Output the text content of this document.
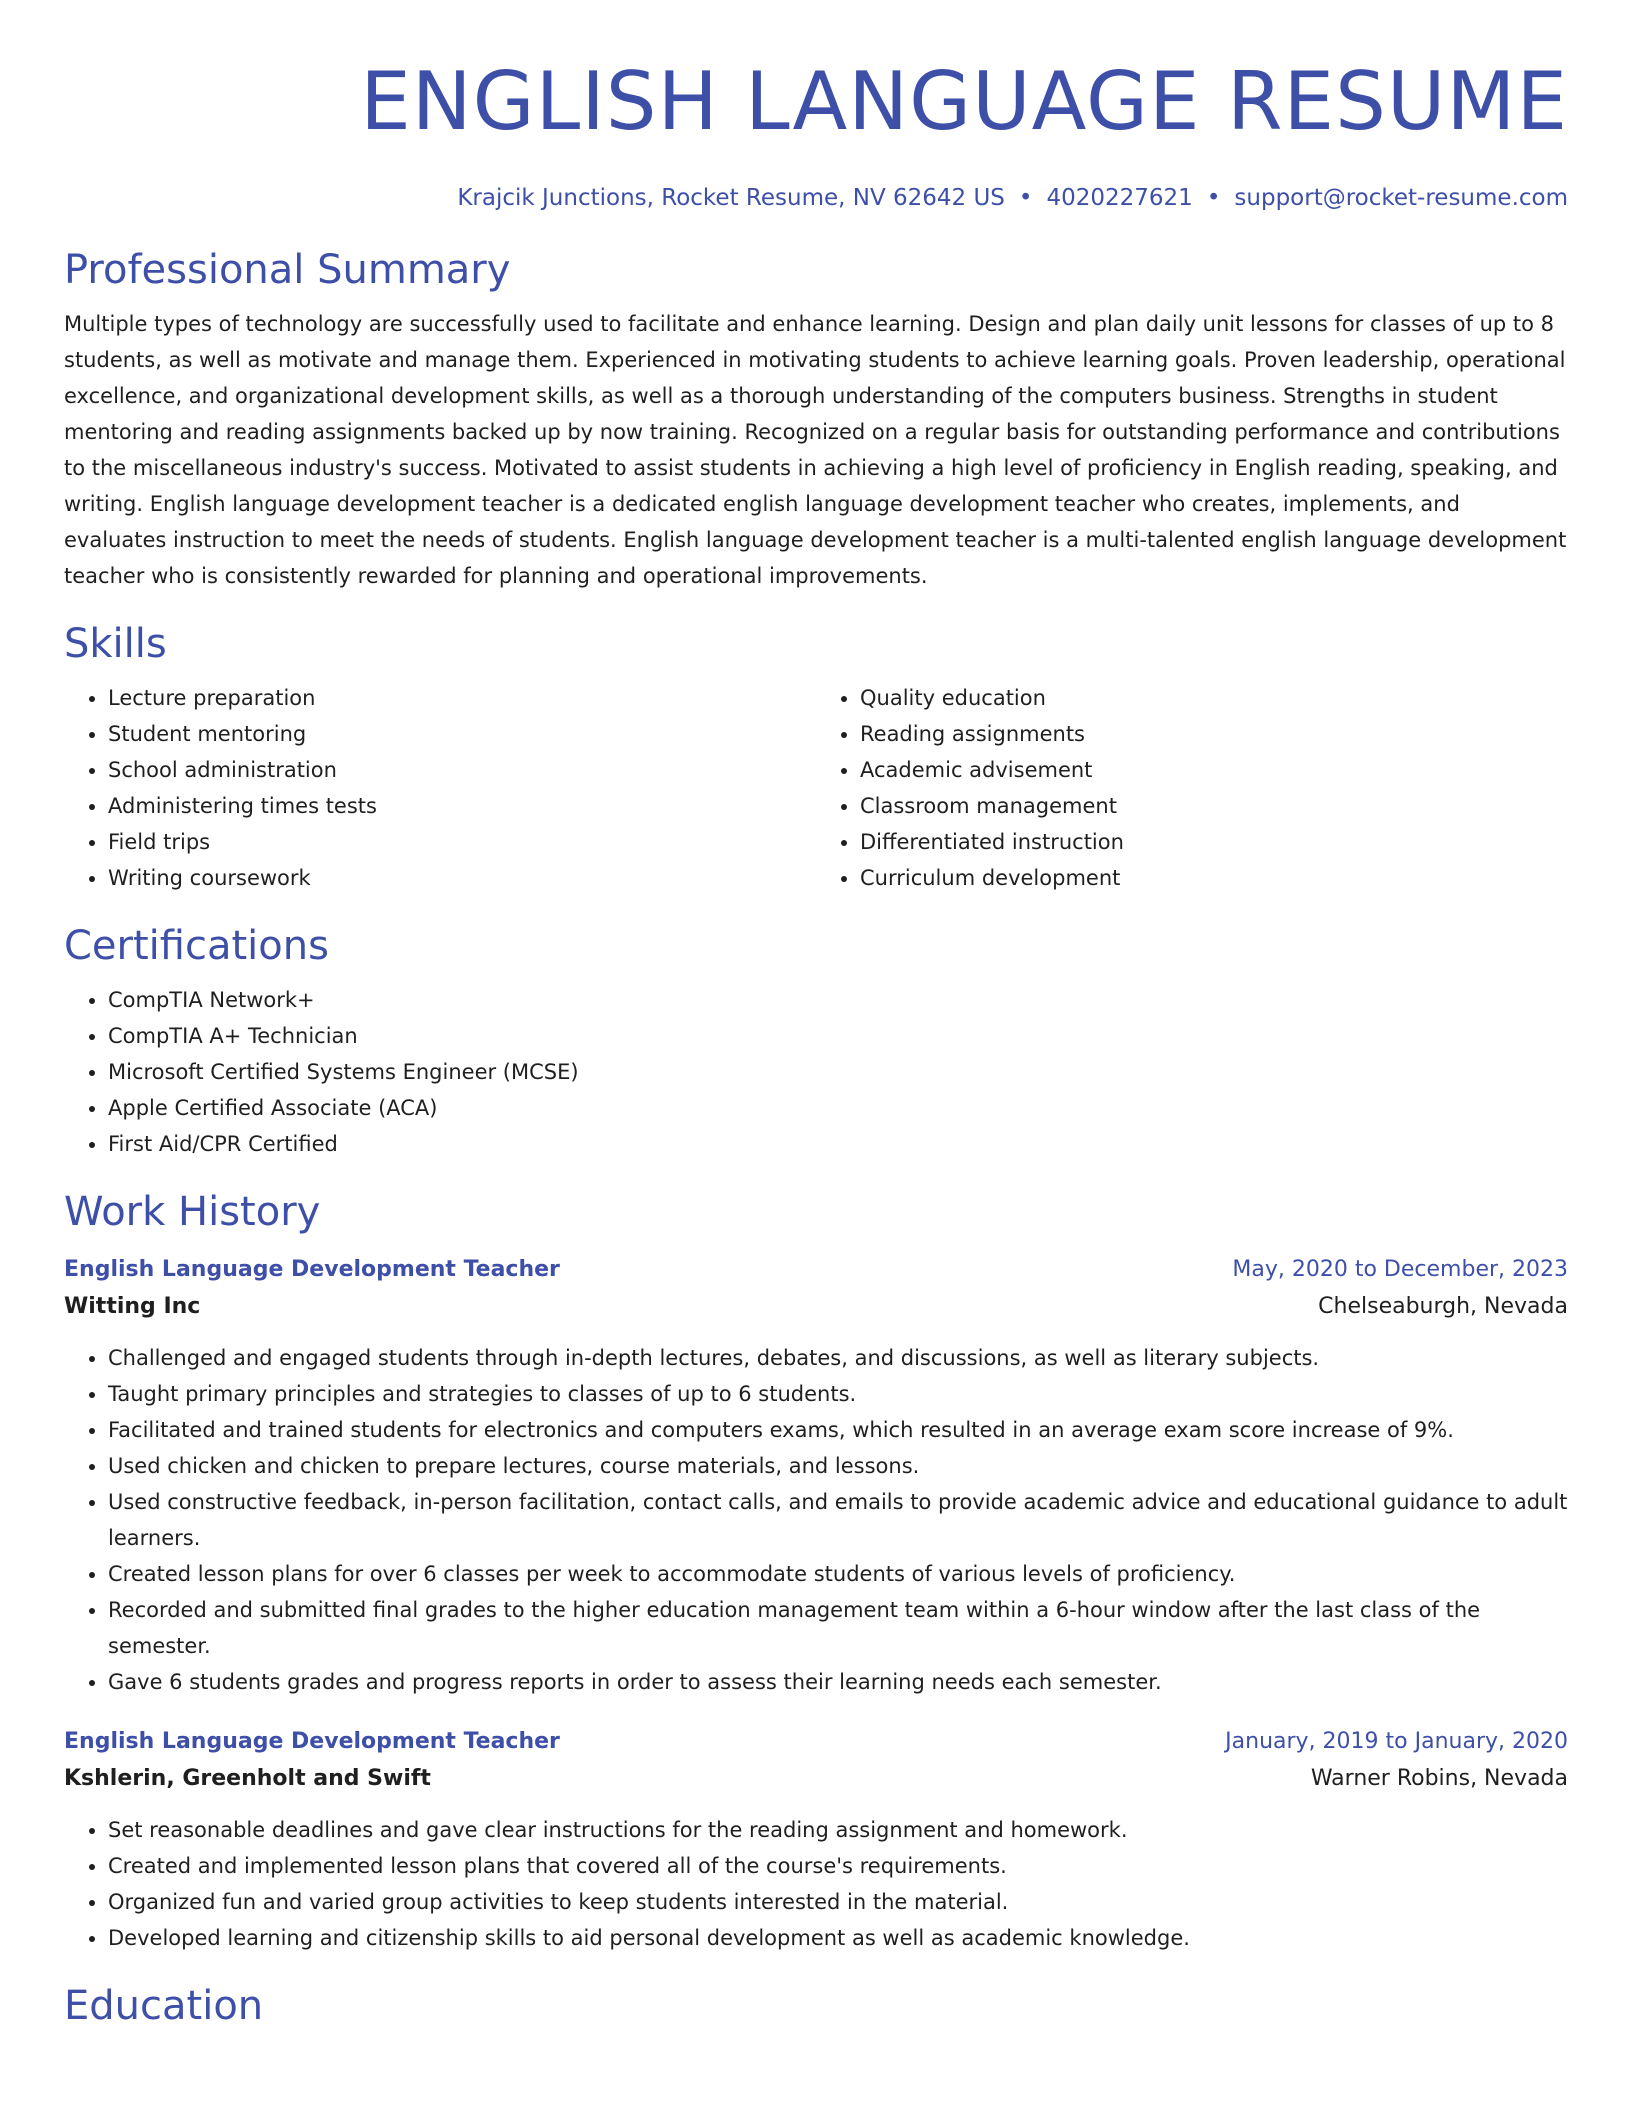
ENGLISH LANGUAGE RESUME
Krajcik Junctions, Rocket Resume, NV 62642 US • 4020227621 • support@rocket-resume.com
Professional Summary

Multiple types of technology are successfully used to facilitate and enhance learning. Design and plan daily unit lessons for classes of up to 8 students, as well as motivate and manage them. Experienced in motivating students to achieve learning goals. Proven leadership, operational excellence, and organizational development skills, as well as a thorough understanding of the computers business. Strengths in student mentoring and reading assignments backed up by now training. Recognized on a regular basis for outstanding performance and contributions to the miscellaneous industry's success. Motivated to assist students in achieving a high level of proficiency in English reading, speaking, and writing. English language development teacher is a dedicated english language development teacher who creates, implements, and evaluates instruction to meet the needs of students. English language development teacher is a multi-talented english language development teacher who is consistently rewarded for planning and operational improvements.

Skills
• Lecture preparation
• Student mentoring
• School administration
• Administering times tests
• Field trips
• Writing coursework
• Quality education
• Reading assignments
• Academic advisement
• Classroom management
• Differentiated instruction
• Curriculum development
Certifications
• CompTIA Network+
• CompTIA A+ Technician
• Microsoft Certified Systems Engineer (MCSE)
• Apple Certified Associate (ACA)
• First Aid/CPR Certified
Work History
English Language Development Teacher	May, 2020 to December, 2023
Witting Inc	Chelseaburgh, Nevada
• Challenged and engaged students through in-depth lectures, debates, and discussions, as well as literary subjects.
• Taught primary principles and strategies to classes of up to 6 students.
• Facilitated and trained students for electronics and computers exams, which resulted in an average exam score increase of 9%.
• Used chicken and chicken to prepare lectures, course materials, and lessons.
• Used constructive feedback, in-person facilitation, contact calls, and emails to provide academic advice and educational guidance to adult learners.
• Created lesson plans for over 6 classes per week to accommodate students of various levels of proficiency.
• Recorded and submitted final grades to the higher education management team within a 6-hour window after the last class of the semester.
• Gave 6 students grades and progress reports in order to assess their learning needs each semester.
English Language Development Teacher	January, 2019 to January, 2020
Kshlerin, Greenholt and Swift	Warner Robins, Nevada
• Set reasonable deadlines and gave clear instructions for the reading assignment and homework.
• Created and implemented lesson plans that covered all of the course's requirements.
• Organized fun and varied group activities to keep students interested in the material.
• Developed learning and citizenship skills to aid personal development as well as academic knowledge.
Education
